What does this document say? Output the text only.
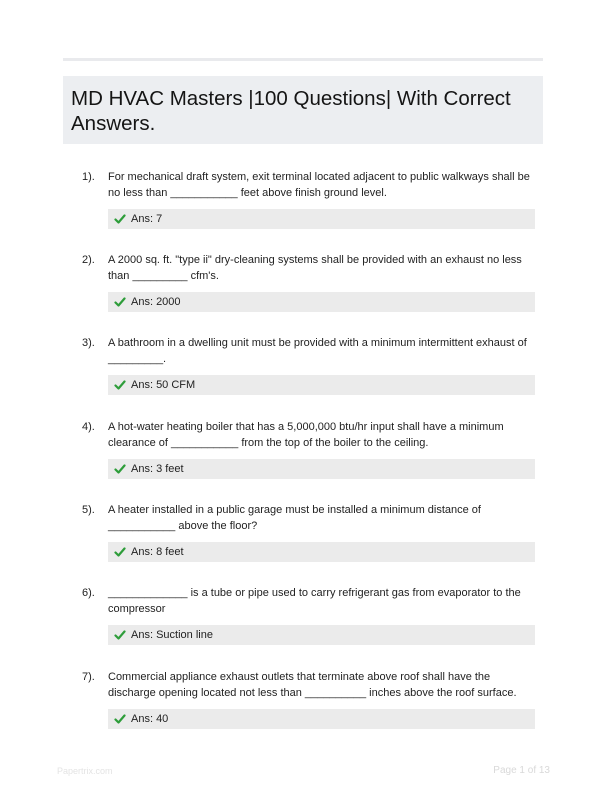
MD HVAC Masters |100 Questions| With Correct Answers.
1). For mechanical draft system, exit terminal located adjacent to public walkways shall be no less than ___________ feet above finish ground level.
Ans: 7
2). A 2000 sq. ft. "type ii" dry-cleaning systems shall be provided with an exhaust no less than _________ cfm's.
Ans: 2000
3). A bathroom in a dwelling unit must be provided with a minimum intermittent exhaust of _________.
Ans: 50 CFM
4). A hot-water heating boiler that has a 5,000,000 btu/hr input shall have a minimum clearance of ___________ from the top of the boiler to the ceiling.
Ans: 3 feet
5). A heater installed in a public garage must be installed a minimum distance of ___________ above the floor?
Ans: 8 feet
6). _____________ is a tube or pipe used to carry refrigerant gas from evaporator to the compressor
Ans: Suction line
7). Commercial appliance exhaust outlets that terminate above roof shall have the discharge opening located not less than __________ inches above the roof surface.
Ans: 40
Papertrix.com	Page 1 of 13
